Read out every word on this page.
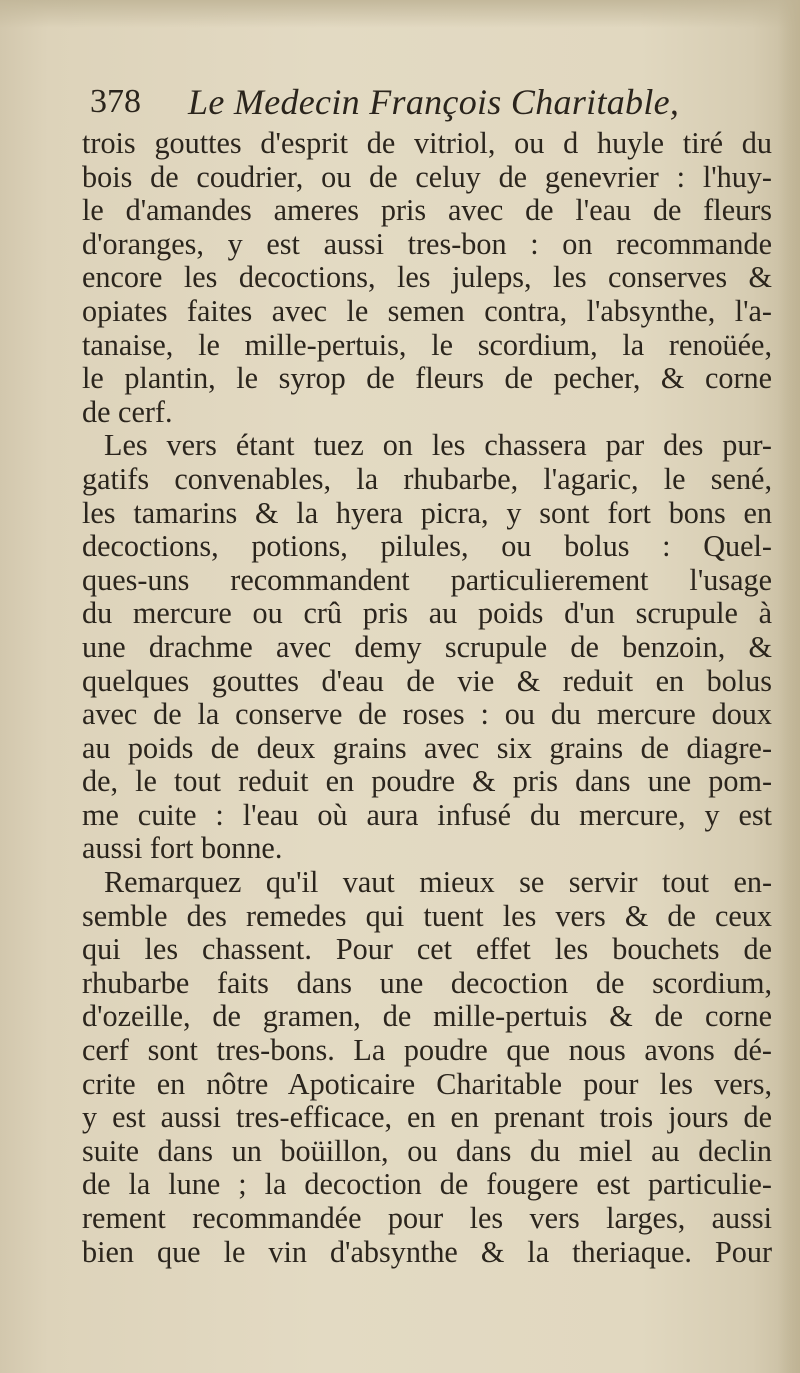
378 Le Medecin François Charitable,
trois gouttes d'esprit de vitriol, ou d huyle tiré du
bois de coudrier, ou de celuy de genevrier : l'huy-
le d'amandes ameres pris avec de l'eau de fleurs
d'oranges, y est aussi tres-bon : on recommande
encore les decoctions, les juleps, les conserves &
opiates faites avec le semen contra, l'absynthe, l'a-
tanaise, le mille-pertuis, le scordium, la renoüée,
le plantin, le syrop de fleurs de pecher, & corne
de cerf.
Les vers étant tuez on les chassera par des pur-
gatifs convenables, la rhubarbe, l'agaric, le sené,
les tamarins & la hyera picra, y sont fort bons en
decoctions, potions, pilules, ou bolus : Quel-
ques-uns recommandent particulierement l'usage
du mercure ou crû pris au poids d'un scrupule à
une drachme avec demy scrupule de benzoin, &
quelques gouttes d'eau de vie & reduit en bolus
avec de la conserve de roses : ou du mercure doux
au poids de deux grains avec six grains de diagre-
de, le tout reduit en poudre & pris dans une pom-
me cuite : l'eau où aura infusé du mercure, y est
aussi fort bonne.
Remarquez qu'il vaut mieux se servir tout en-
semble des remedes qui tuent les vers & de ceux
qui les chassent. Pour cet effet les bouchets de
rhubarbe faits dans une decoction de scordium,
d'ozeille, de gramen, de mille-pertuis & de corne
cerf sont tres-bons. La poudre que nous avons dé-
crite en nôtre Apoticaire Charitable pour les vers,
y est aussi tres-efficace, en en prenant trois jours de
suite dans un boüillon, ou dans du miel au declin
de la lune ; la decoction de fougere est particulie-
rement recommandée pour les vers larges, aussi
bien que le vin d'absynthe & la theriaque. Pour
